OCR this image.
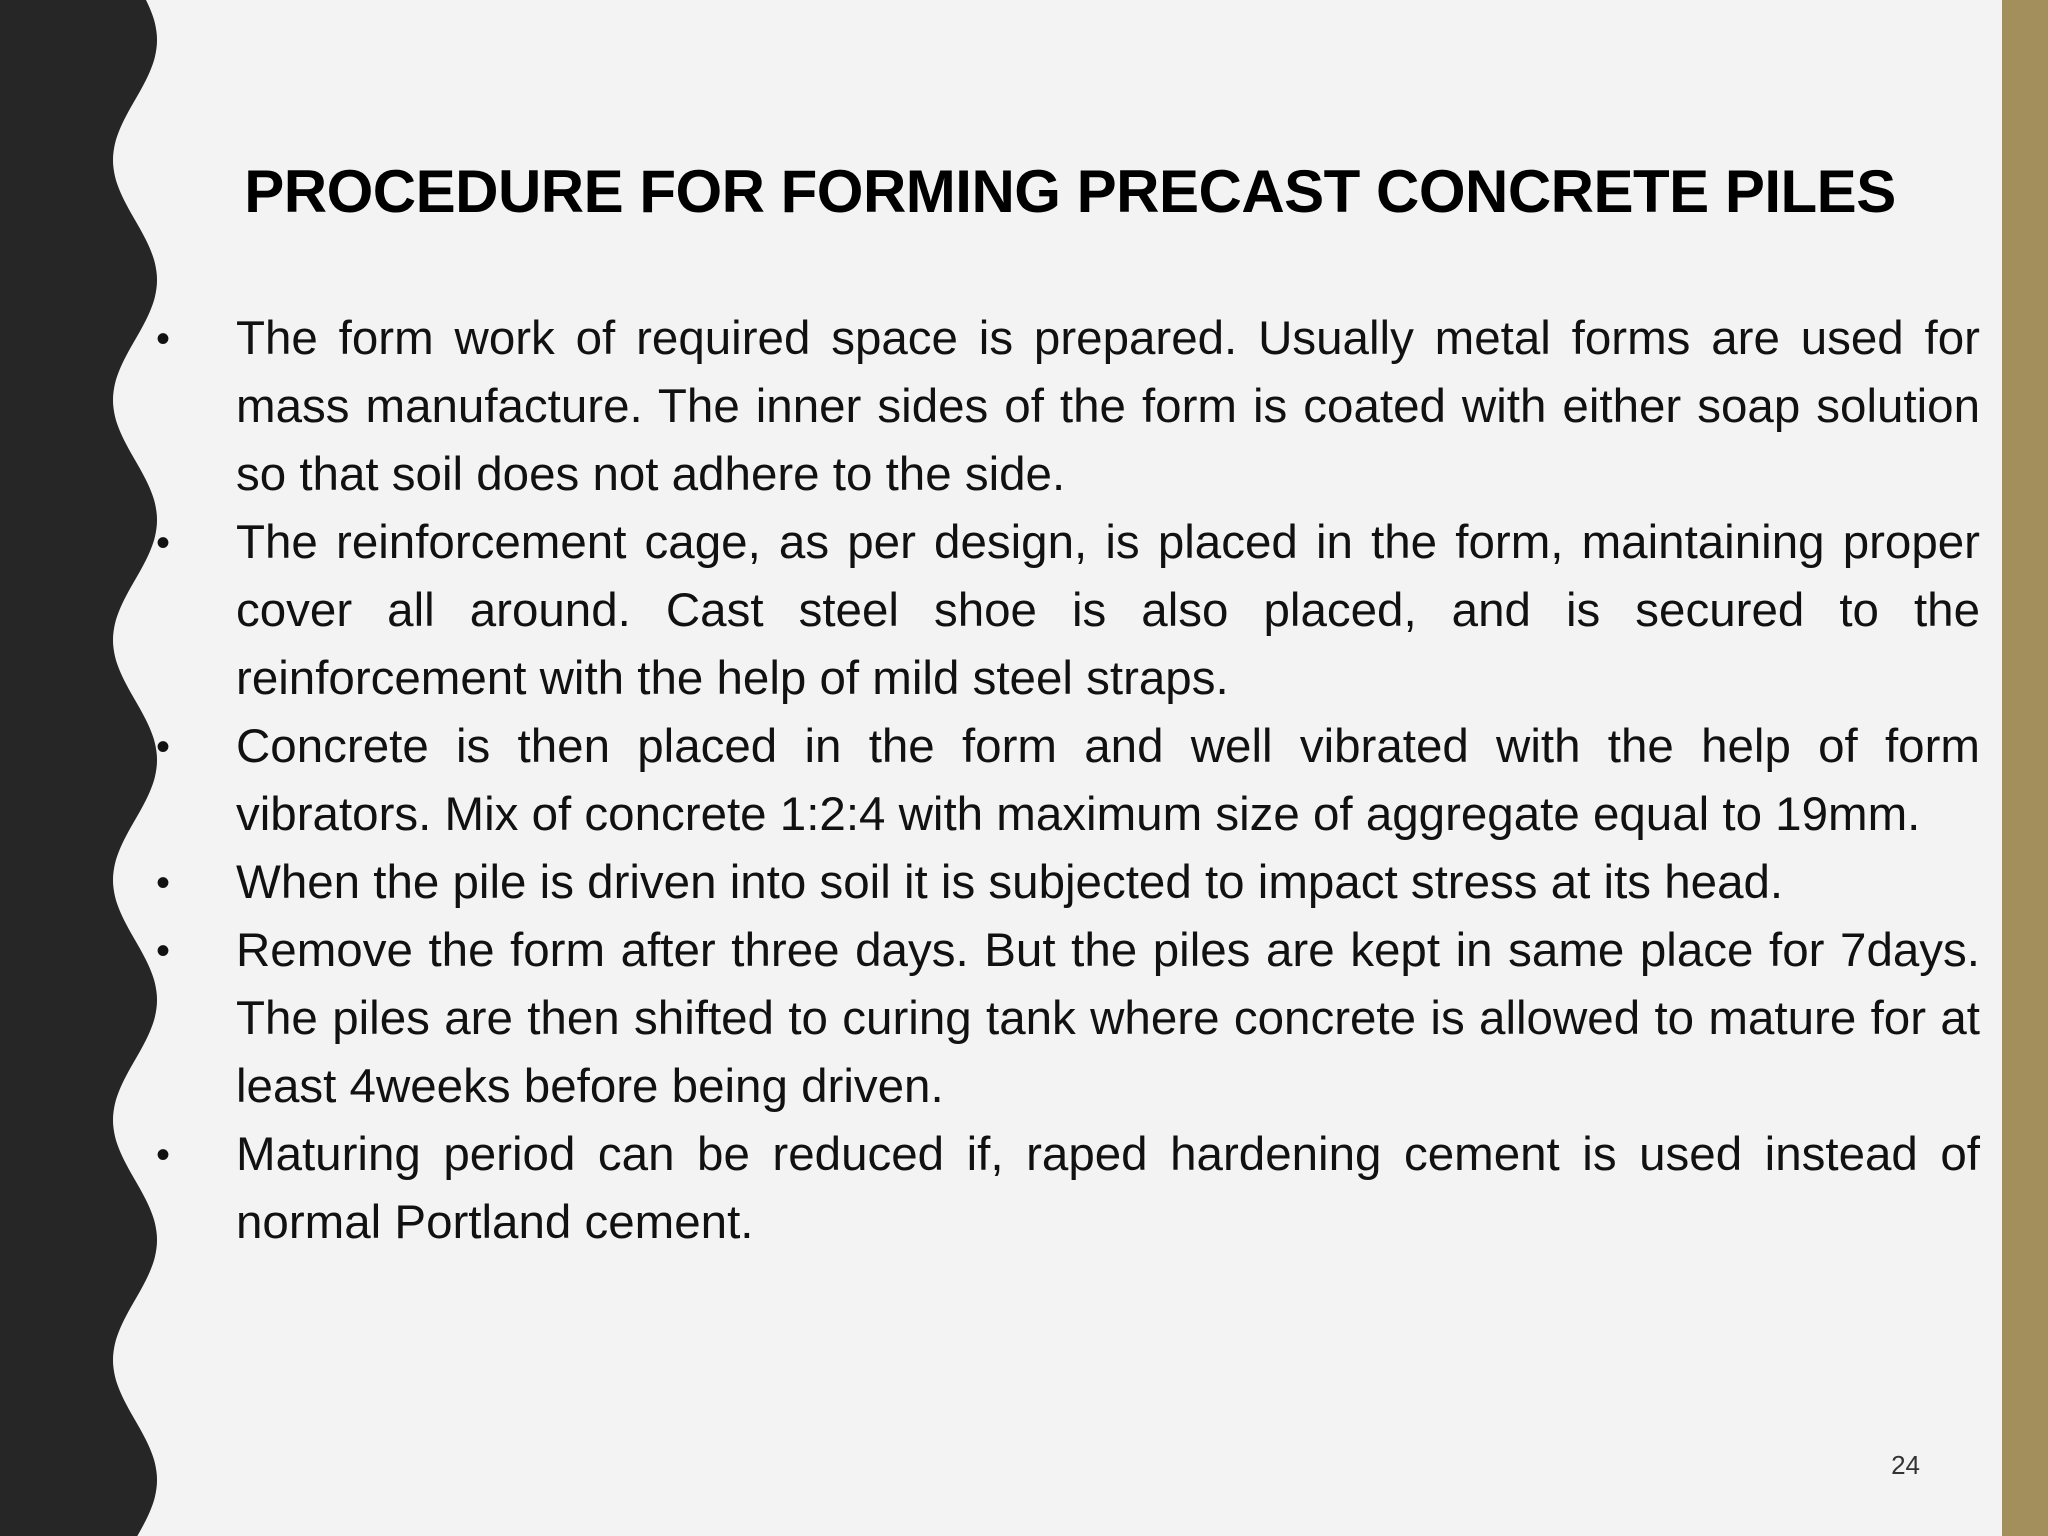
PROCEDURE FOR FORMING PRECAST CONCRETE PILES
• The form work of required space is prepared. Usually metal forms are used for mass manufacture. The inner sides of the form is coated with either soap solution so that soil does not adhere to the side.
• The reinforcement cage, as per design, is placed in the form, maintaining proper cover all around. Cast steel shoe is also placed, and is secured to the reinforcement with the help of mild steel straps.
• Concrete is then placed in the form and well vibrated with the help of form vibrators. Mix of concrete 1:2:4 with maximum size of aggregate equal to 19mm.
• When the pile is driven into soil it is subjected to impact stress at its head.
• Remove the form after three days. But the piles are kept in same place for 7days. The piles are then shifted to curing tank where concrete is allowed to mature for at least 4weeks before being driven.
• Maturing period can be reduced if, raped hardening cement is used instead of normal Portland cement.
24
